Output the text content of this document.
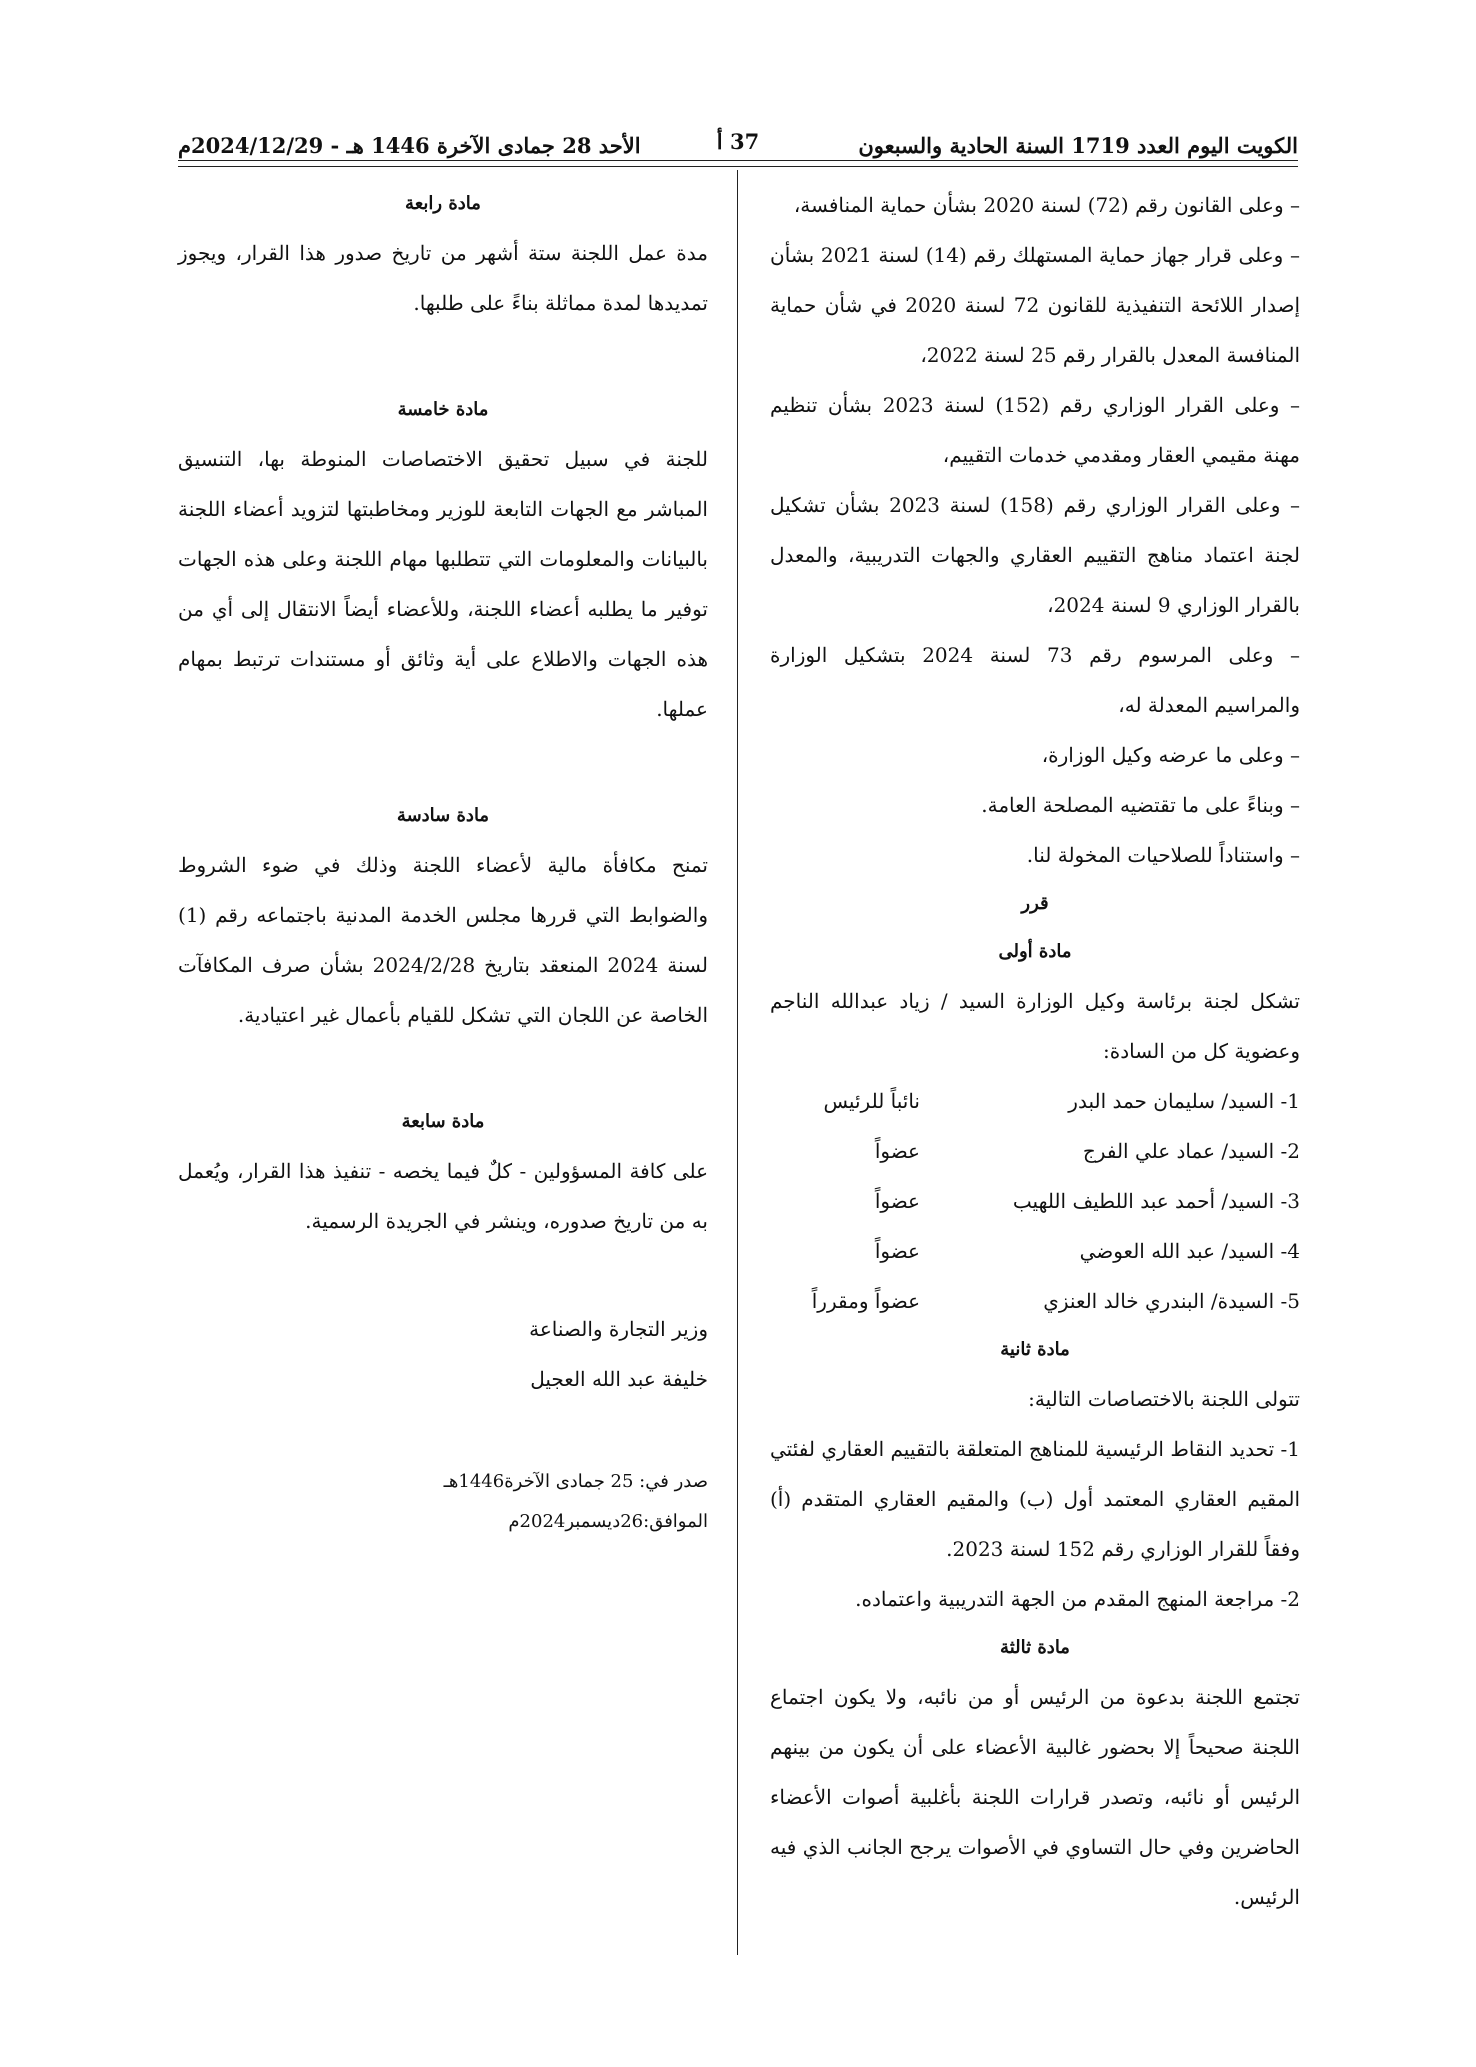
الكويت اليوم العدد 1719 السنة الحادية والسبعون
37 أ
الأحد 28 جمادى الآخرة 1446 هـ - 2024/12/29م

– وعلى القانون رقم (72) لسنة 2020 بشأن حماية المنافسة،

– وعلى قرار جهاز حماية المستهلك رقم (14) لسنة 2021 بشأن إصدار اللائحة التنفيذية للقانون 72 لسنة 2020 في شأن حماية المنافسة المعدل بالقرار رقم 25 لسنة 2022،

– وعلى القرار الوزاري رقم (152) لسنة 2023 بشأن تنظيم مهنة مقيمي العقار ومقدمي خدمات التقييم،

– وعلى القرار الوزاري رقم (158) لسنة 2023 بشأن تشكيل لجنة اعتماد مناهج التقييم العقاري والجهات التدريبية، والمعدل بالقرار الوزاري 9 لسنة 2024،

– وعلى المرسوم رقم 73 لسنة 2024 بتشكيل الوزارة والمراسيم المعدلة له،

– وعلى ما عرضه وكيل الوزارة،

– وبناءً على ما تقتضيه المصلحة العامة.

– واستناداً للصلاحيات المخولة لنا.

قرر
مادة أولى

تشكل لجنة برئاسة وكيل الوزارة السيد / زياد عبدالله الناجم وعضوية كل من السادة:

1- السيد/ سليمان حمد البدر
نائباً للرئيس
2- السيد/ عماد علي الفرج
عضواً
3- السيد/ أحمد عبد اللطيف اللهيب
عضواً
4- السيد/ عبد الله العوضي
عضواً
5- السيدة/ البندري خالد العنزي
عضواً ومقرراً
مادة ثانية

تتولى اللجنة بالاختصاصات التالية:

1- تحديد النقاط الرئيسية للمناهج المتعلقة بالتقييم العقاري لفئتي المقيم العقاري المعتمد أول (ب) والمقيم العقاري المتقدم (أ) وفقاً للقرار الوزاري رقم 152 لسنة 2023.

2- مراجعة المنهج المقدم من الجهة التدريبية واعتماده.

مادة ثالثة

تجتمع اللجنة بدعوة من الرئيس أو من نائبه، ولا يكون اجتماع اللجنة صحيحاً إلا بحضور غالبية الأعضاء على أن يكون من بينهم الرئيس أو نائبه، وتصدر قرارات اللجنة بأغلبية أصوات الأعضاء الحاضرين وفي حال التساوي في الأصوات يرجح الجانب الذي فيه الرئيس.

مادة رابعة

مدة عمل اللجنة ستة أشهر من تاريخ صدور هذا القرار، ويجوز تمديدها لمدة مماثلة بناءً على طلبها.

مادة خامسة

للجنة في سبيل تحقيق الاختصاصات المنوطة بها، التنسيق المباشر مع الجهات التابعة للوزير ومخاطبتها لتزويد أعضاء اللجنة بالبيانات والمعلومات التي تتطلبها مهام اللجنة وعلى هذه الجهات توفير ما يطلبه أعضاء اللجنة، وللأعضاء أيضاً الانتقال إلى أي من هذه الجهات والاطلاع على أية وثائق أو مستندات ترتبط بمهام عملها.

مادة سادسة

تمنح مكافأة مالية لأعضاء اللجنة وذلك في ضوء الشروط والضوابط التي قررها مجلس الخدمة المدنية باجتماعه رقم (1) لسنة 2024 المنعقد بتاريخ 2024/2/28 بشأن صرف المكافآت الخاصة عن اللجان التي تشكل للقيام بأعمال غير اعتيادية.

مادة سابعة

على كافة المسؤولين - كلٌ فيما يخصه - تنفيذ هذا القرار، ويُعمل به من تاريخ صدوره، وينشر في الجريدة الرسمية.

وزير التجارة والصناعة
خليفة عبد الله العجيل
صدر في: 25 جمادى الآخرة1446هـ
الموافق:26ديسمبر2024م
